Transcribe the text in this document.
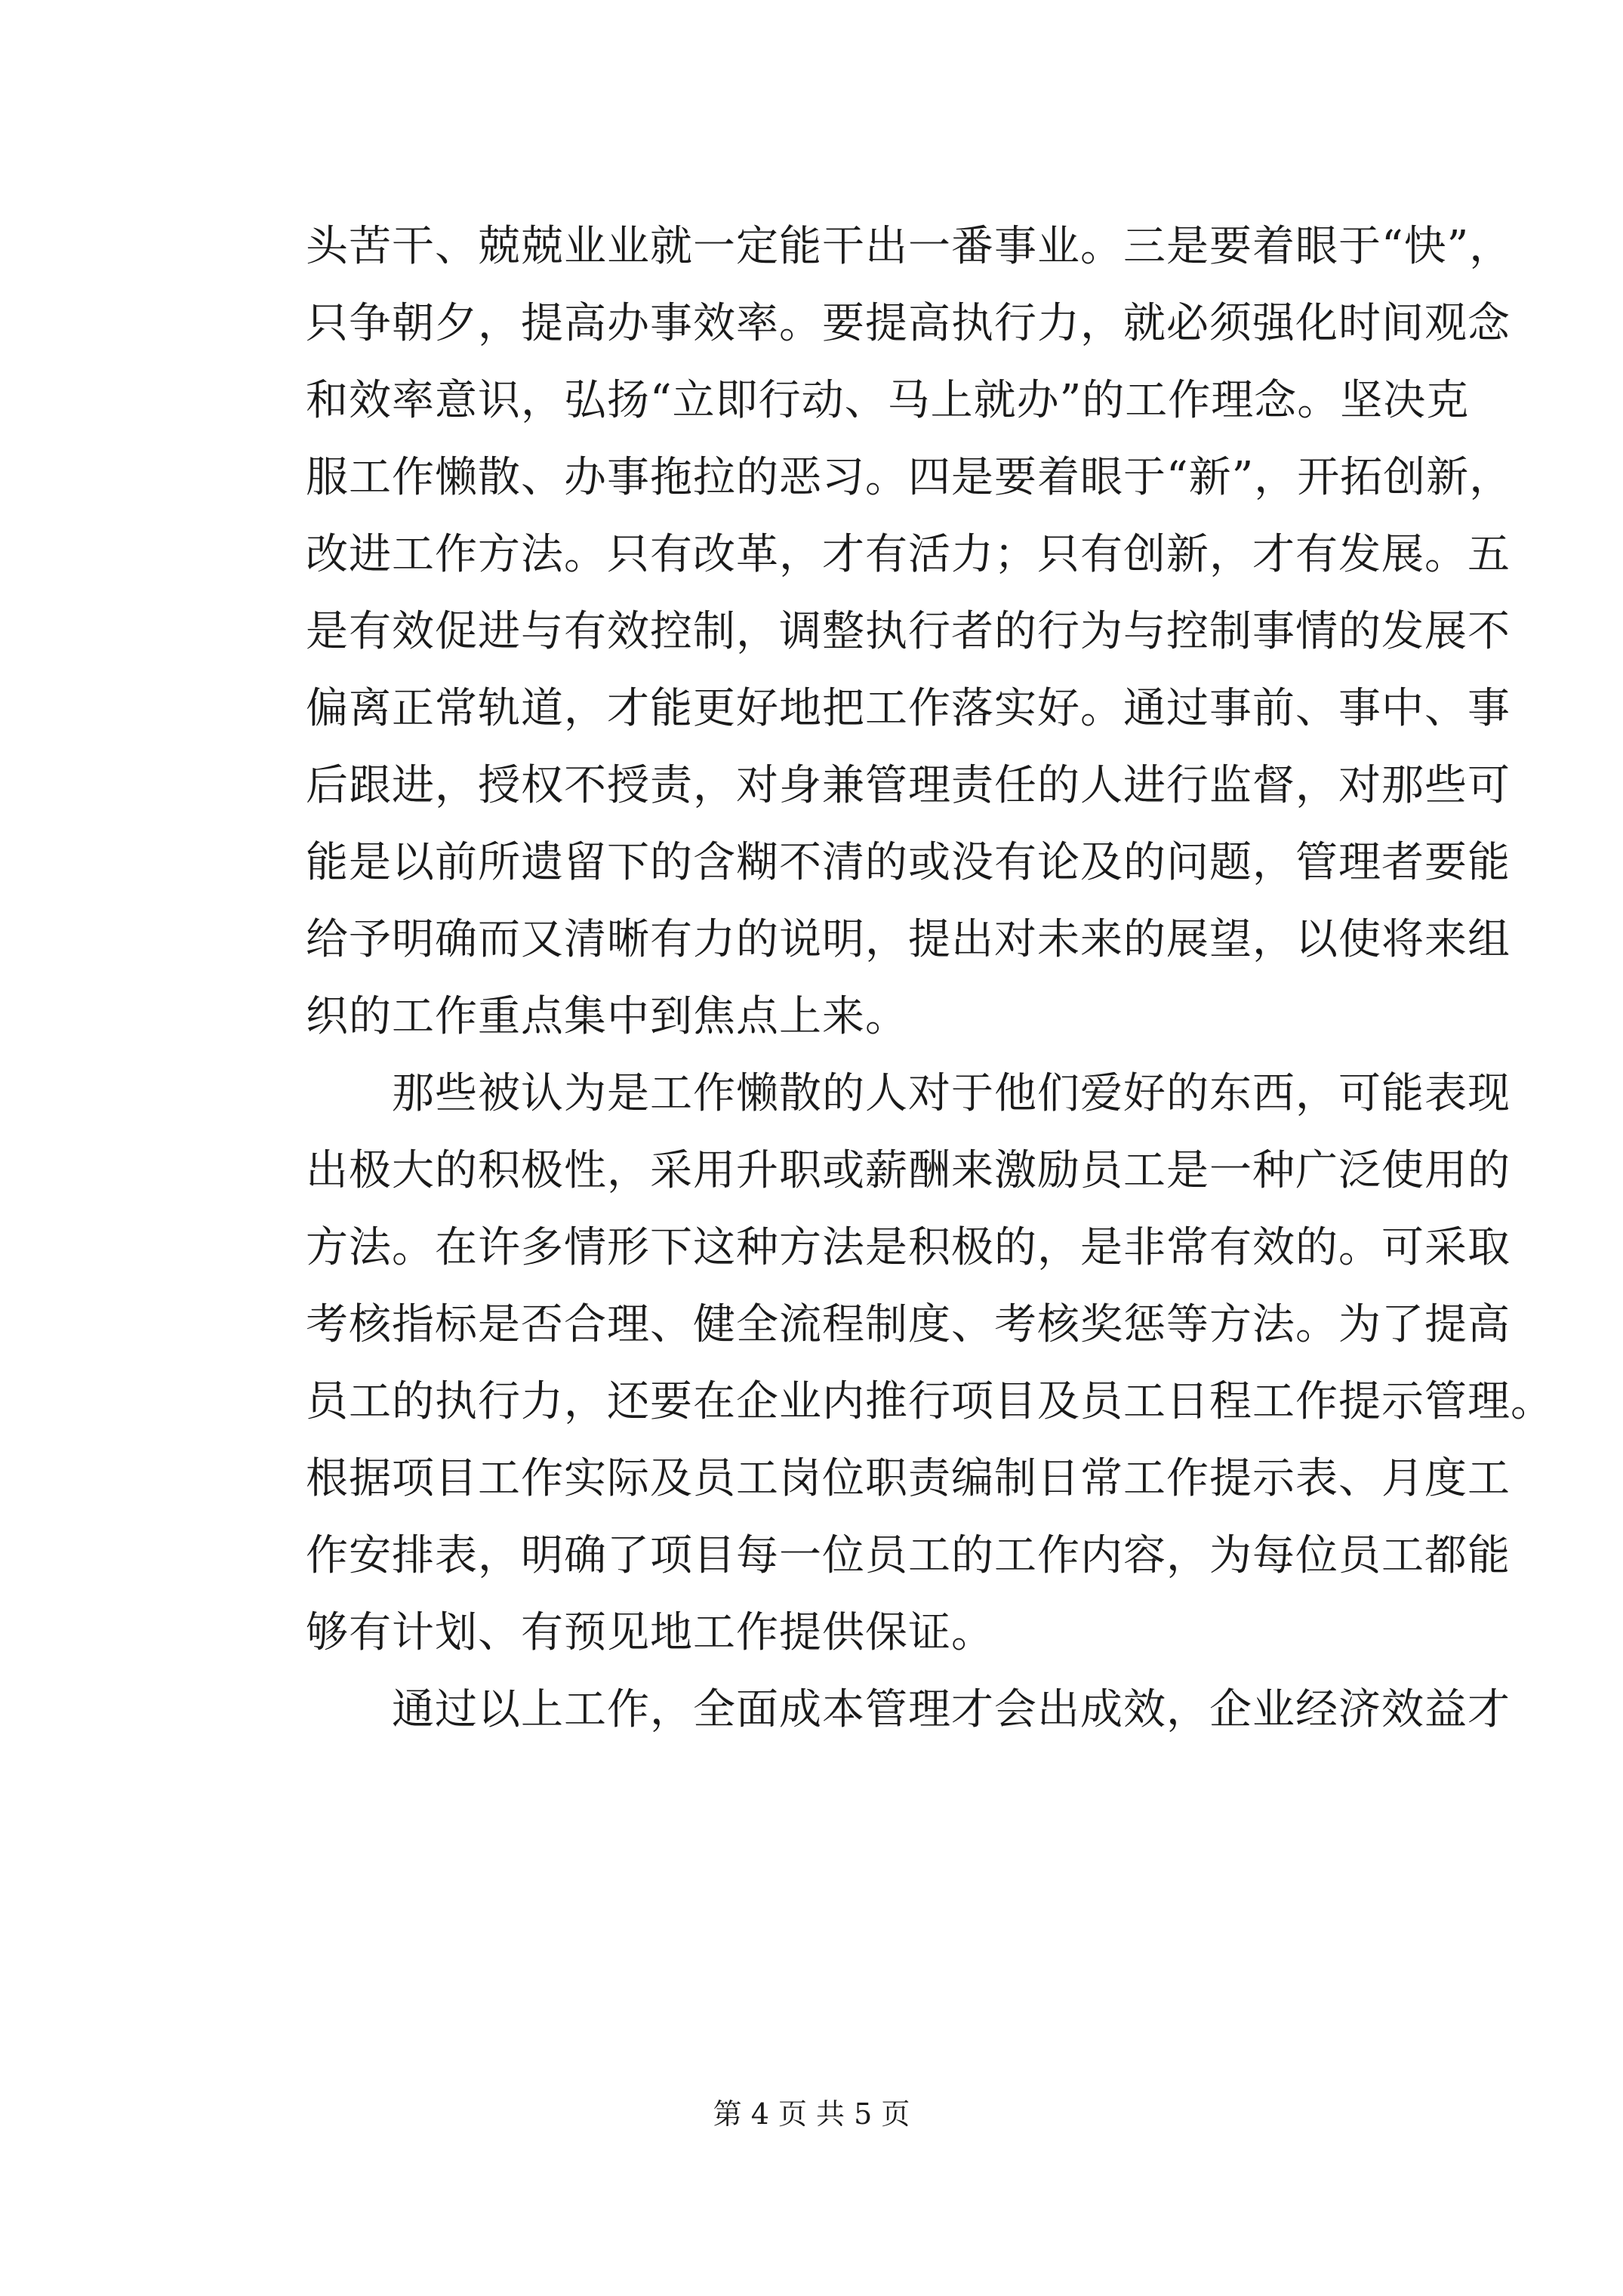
头苦干、兢兢业业就一定能干出一番事业。三是要着眼于“快”，
只争朝夕，提高办事效率。要提高执行力，就必须强化时间观念
和效率意识，弘扬“立即行动、马上就办”的工作理念。坚决克
服工作懒散、办事拖拉的恶习。四是要着眼于“新”，开拓创新，
改进工作方法。只有改革，才有活力；只有创新，才有发展。五
是有效促进与有效控制，调整执行者的行为与控制事情的发展不
偏离正常轨道，才能更好地把工作落实好。通过事前、事中、事
后跟进，授权不授责，对身兼管理责任的人进行监督，对那些可
能是以前所遗留下的含糊不清的或没有论及的问题，管理者要能
给予明确而又清晰有力的说明，提出对未来的展望，以使将来组
织的工作重点集中到焦点上来。
　　那些被认为是工作懒散的人对于他们爱好的东西，可能表现
出极大的积极性，采用升职或薪酬来激励员工是一种广泛使用的
方法。在许多情形下这种方法是积极的，是非常有效的。可采取
考核指标是否合理、健全流程制度、考核奖惩等方法。为了提高
员工的执行力，还要在企业内推行项目及员工日程工作提示管理。
根据项目工作实际及员工岗位职责编制日常工作提示表、月度工
作安排表，明确了项目每一位员工的工作内容，为每位员工都能
够有计划、有预见地工作提供保证。
　　通过以上工作，全面成本管理才会出成效，企业经济效益才
第 4 页 共 5 页
